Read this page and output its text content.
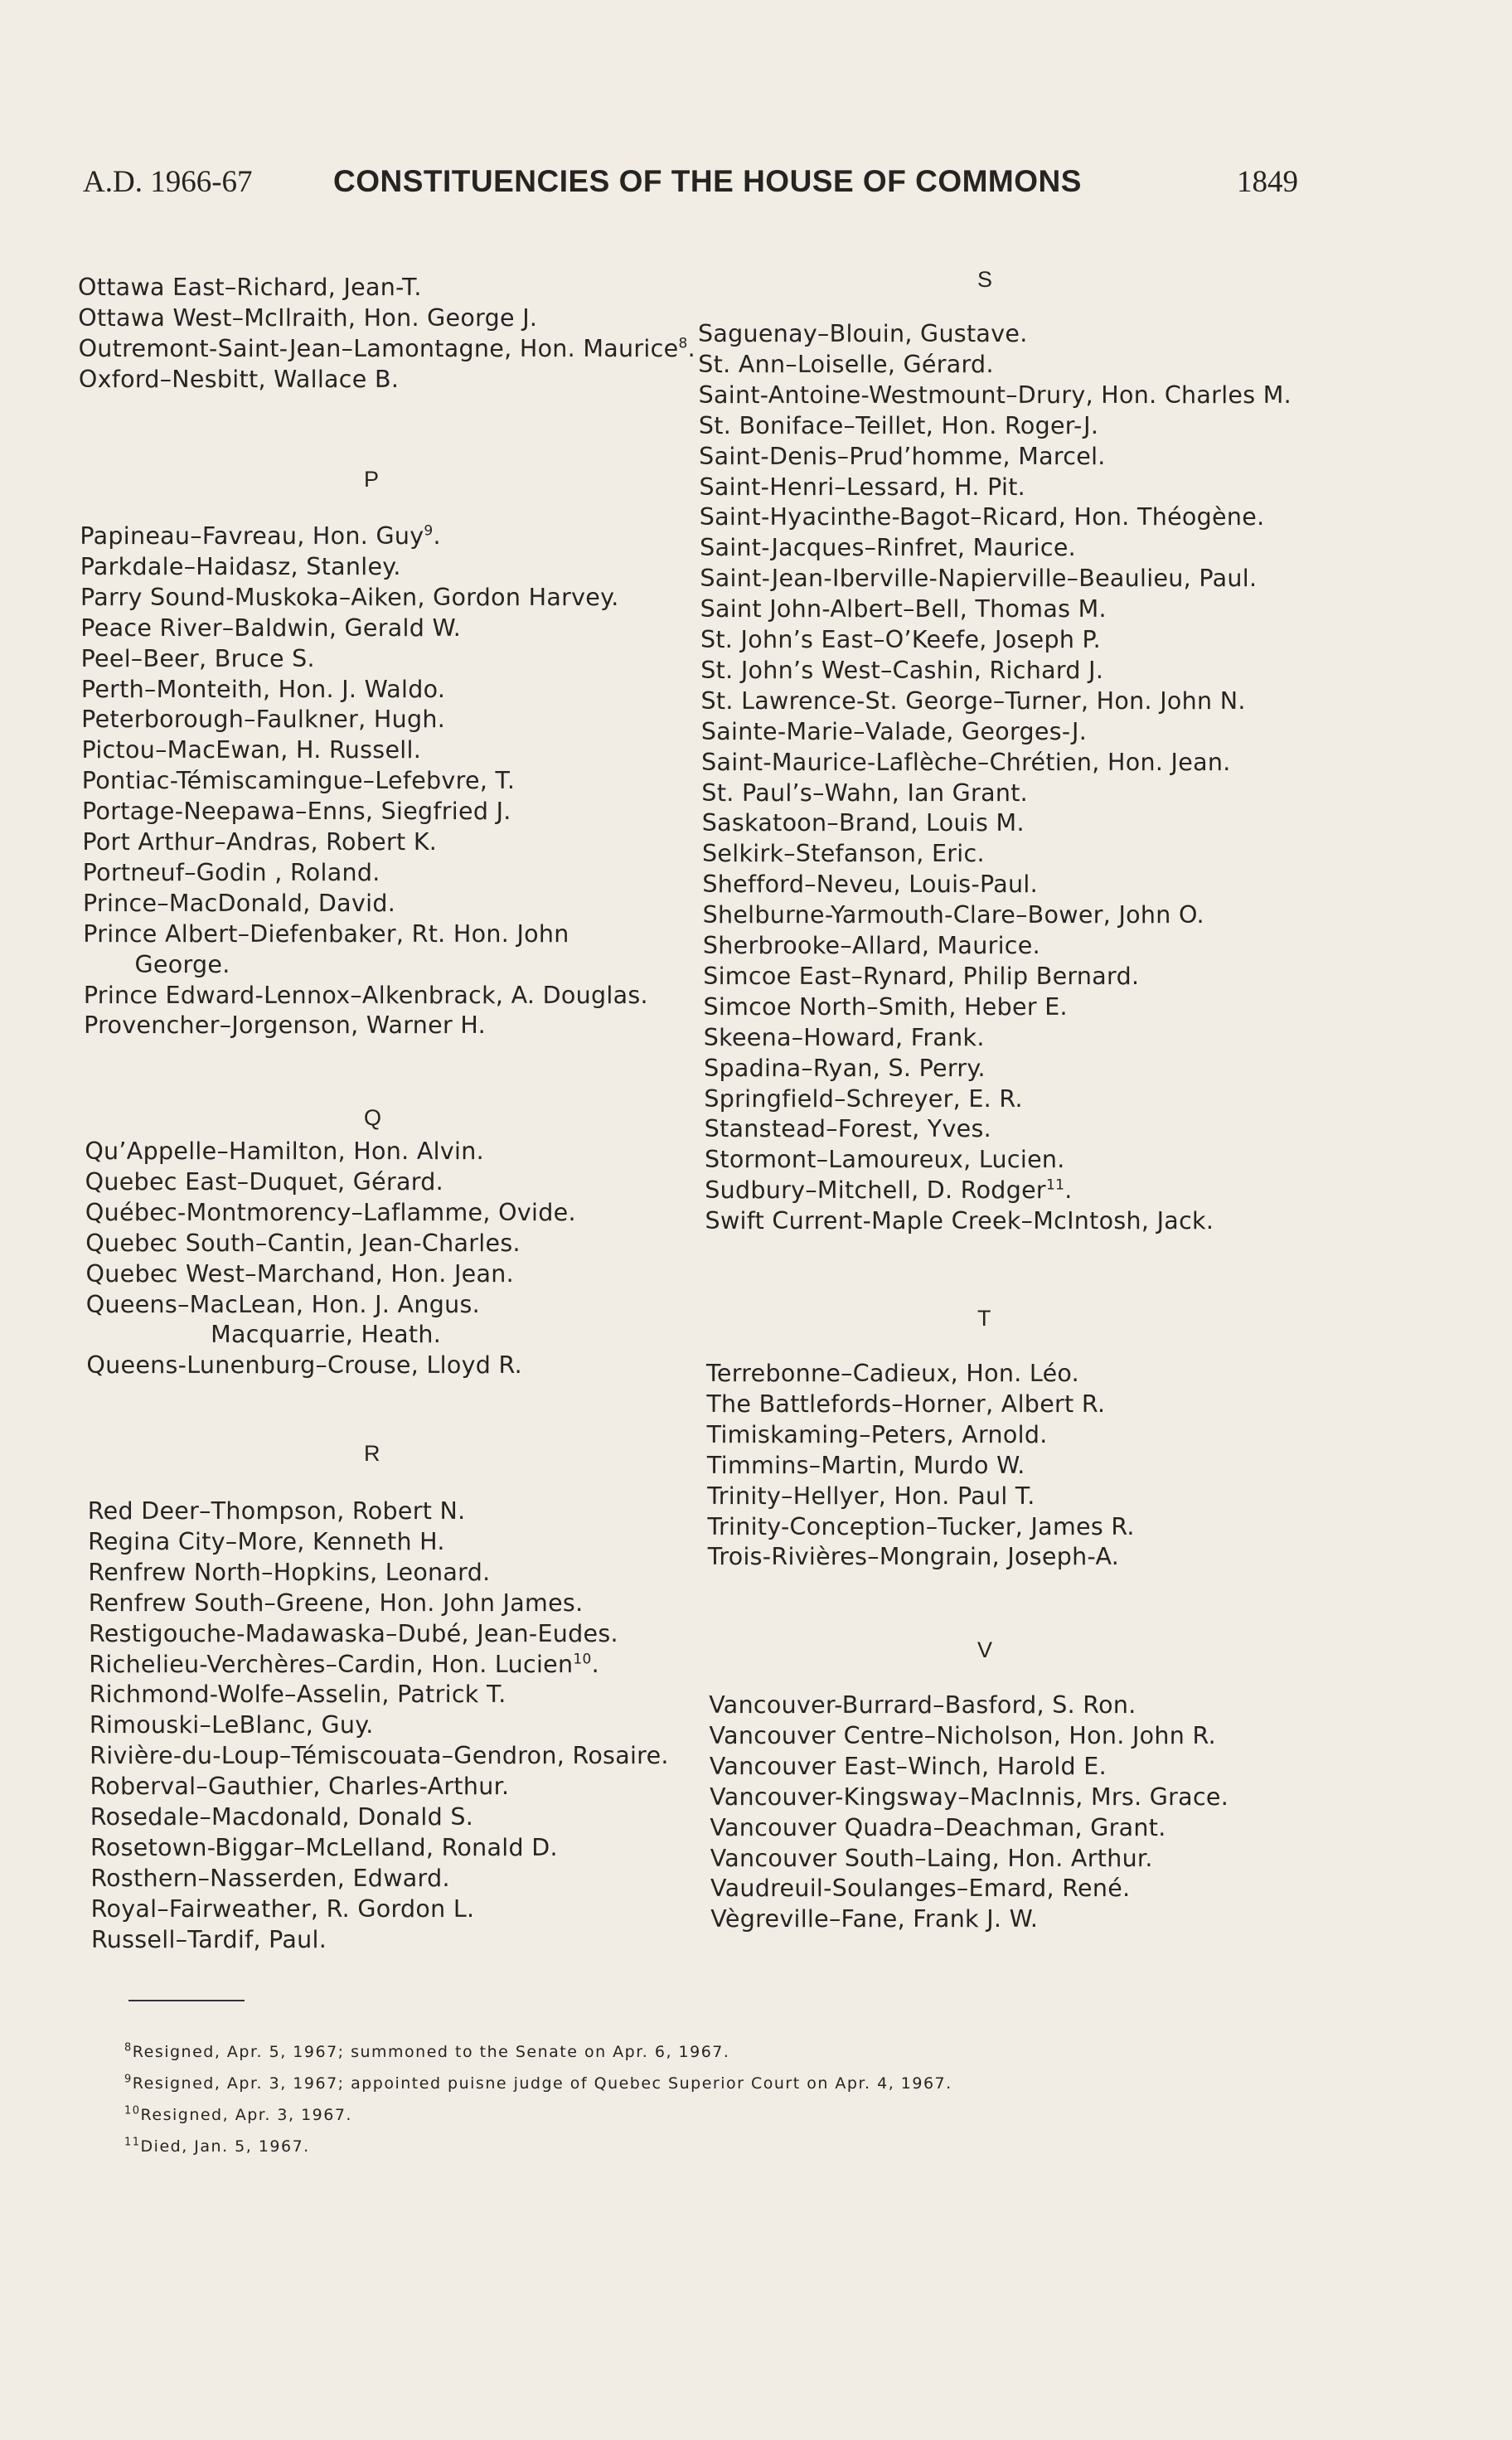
A.D. 1966-67	CONSTITUENCIES OF THE HOUSE OF COMMONS	1849
Ottawa East–Richard, Jean-T.
Ottawa West–McIlraith, Hon. George J.
Outremont-Saint-Jean–Lamontagne, Hon. Maurice$^8$.
Oxford–Nesbitt, Wallace B.
P
Papineau–Favreau, Hon. Guy$^9$.
Parkdale–Haidasz, Stanley.
Parry Sound-Muskoka–Aiken, Gordon Harvey.
Peace River–Baldwin, Gerald W.
Peel–Beer, Bruce S.
Perth–Monteith, Hon. J. Waldo.
Peterborough–Faulkner, Hugh.
Pictou–MacEwan, H. Russell.
Pontiac-Témiscamingue–Lefebvre, T.
Portage-Neepawa–Enns, Siegfried J.
Port Arthur–Andras, Robert K.
Portneuf–Godin , Roland.
Prince–MacDonald, David.
Prince Albert–Diefenbaker, Rt. Hon. John
George.
Prince Edward-Lennox–Alkenbrack, A. Douglas.
Provencher–Jorgenson, Warner H.
Q
Qu’Appelle–Hamilton, Hon. Alvin.
Quebec East–Duquet, Gérard.
Québec-Montmorency–Laflamme, Ovide.
Quebec South–Cantin, Jean-Charles.
Quebec West–Marchand, Hon. Jean.
Queens–MacLean, Hon. J. Angus.
Macquarrie, Heath.
Queens-Lunenburg–Crouse, Lloyd R.
R
Red Deer–Thompson, Robert N.
Regina City–More, Kenneth H.
Renfrew North–Hopkins, Leonard.
Renfrew South–Greene, Hon. John James.
Restigouche-Madawaska–Dubé, Jean-Eudes.
Richelieu-Verchères–Cardin, Hon. Lucien$^{10}$.
Richmond-Wolfe–Asselin, Patrick T.
Rimouski–LeBlanc, Guy.
Rivière-du-Loup–Témiscouata–Gendron, Rosaire.
Roberval–Gauthier, Charles-Arthur.
Rosedale–Macdonald, Donald S.
Rosetown-Biggar–McLelland, Ronald D.
Rosthern–Nasserden, Edward.
Royal–Fairweather, R. Gordon L.
Russell–Tardif, Paul.
S
Saguenay–Blouin, Gustave.
St. Ann–Loiselle, Gérard.
Saint-Antoine-Westmount–Drury, Hon. Charles M.
St. Boniface–Teillet, Hon. Roger-J.
Saint-Denis–Prud’homme, Marcel.
Saint-Henri–Lessard, H. Pit.
Saint-Hyacinthe-Bagot–Ricard, Hon. Théogène.
Saint-Jacques–Rinfret, Maurice.
Saint-Jean-Iberville-Napierville–Beaulieu, Paul.
Saint John-Albert–Bell, Thomas M.
St. John’s East–O’Keefe, Joseph P.
St. John’s West–Cashin, Richard J.
St. Lawrence-St. George–Turner, Hon. John N.
Sainte-Marie–Valade, Georges-J.
Saint-Maurice-Laflèche–Chrétien, Hon. Jean.
St. Paul’s–Wahn, Ian Grant.
Saskatoon–Brand, Louis M.
Selkirk–Stefanson, Eric.
Shefford–Neveu, Louis-Paul.
Shelburne-Yarmouth-Clare–Bower, John O.
Sherbrooke–Allard, Maurice.
Simcoe East–Rynard, Philip Bernard.
Simcoe North–Smith, Heber E.
Skeena–Howard, Frank.
Spadina–Ryan, S. Perry.
Springfield–Schreyer, E. R.
Stanstead–Forest, Yves.
Stormont–Lamoureux, Lucien.
Sudbury–Mitchell, D. Rodger$^{11}$.
Swift Current-Maple Creek–McIntosh, Jack.
T
Terrebonne–Cadieux, Hon. Léo.
The Battlefords–Horner, Albert R.
Timiskaming–Peters, Arnold.
Timmins–Martin, Murdo W.
Trinity–Hellyer, Hon. Paul T.
Trinity-Conception–Tucker, James R.
Trois-Rivières–Mongrain, Joseph-A.
V
Vancouver-Burrard–Basford, S. Ron.
Vancouver Centre–Nicholson, Hon. John R.
Vancouver East–Winch, Harold E.
Vancouver-Kingsway–MacInnis, Mrs. Grace.
Vancouver Quadra–Deachman, Grant.
Vancouver South–Laing, Hon. Arthur.
Vaudreuil-Soulanges–Emard, René.
Vègreville–Fane, Frank J. W.
$^8$Resigned, Apr. 5, 1967; summoned to the Senate on Apr. 6, 1967.
$^9$Resigned, Apr. 3, 1967; appointed puisne judge of Quebec Superior Court on Apr. 4, 1967.
$^{10}$Resigned, Apr. 3, 1967.
$^{11}$Died, Jan. 5, 1967.
